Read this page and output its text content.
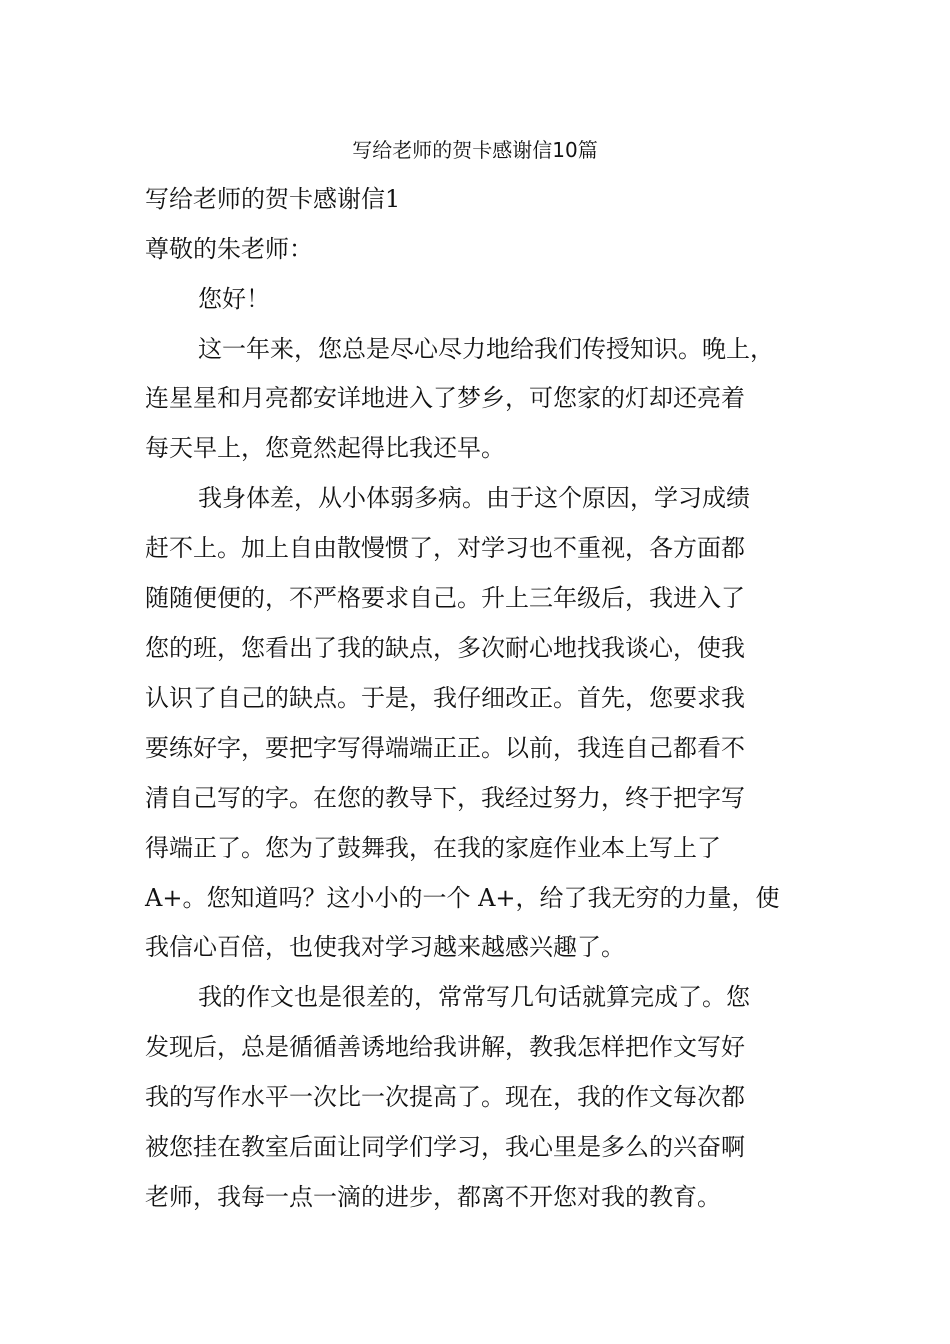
写给老师的贺卡感谢信10篇
写给老师的贺卡感谢信1
尊敬的朱老师：
您好！
这一年来，您总是尽心尽力地给我们传授知识。晚上，
连星星和月亮都安详地进入了梦乡，可您家的灯却还亮着
每天早上，您竟然起得比我还早。
我身体差，从小体弱多病。由于这个原因，学习成绩
赶不上。加上自由散慢惯了，对学习也不重视，各方面都
随随便便的，不严格要求自己。升上三年级后，我进入了
您的班，您看出了我的缺点，多次耐心地找我谈心，使我
认识了自己的缺点。于是，我仔细改正。首先，您要求我
要练好字，要把字写得端端正正。以前，我连自己都看不
清自己写的字。在您的教导下，我经过努力，终于把字写
得端正了。您为了鼓舞我，在我的家庭作业本上写上了
A+。您知道吗？这小小的一个 A+，给了我无穷的力量，使
我信心百倍，也使我对学习越来越感兴趣了。
我的作文也是很差的，常常写几句话就算完成了。您
发现后，总是循循善诱地给我讲解，教我怎样把作文写好
我的写作水平一次比一次提高了。现在，我的作文每次都
被您挂在教室后面让同学们学习，我心里是多么的兴奋啊
老师，我每一点一滴的进步，都离不开您对我的教育。
